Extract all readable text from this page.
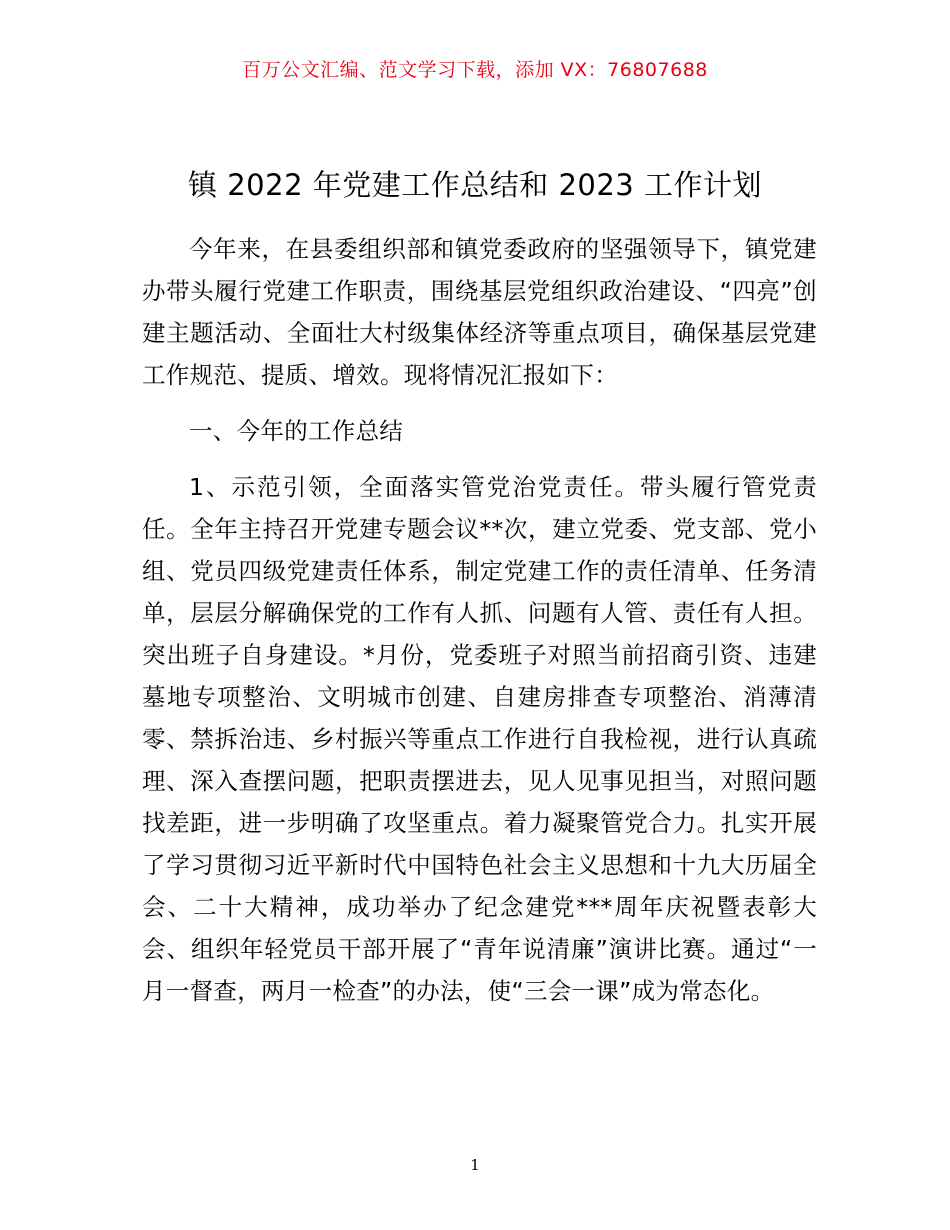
百万公文汇编、范文学习下载，添加 VX：76807688
镇 2022 年党建工作总结和 2023 工作计划

今年来，在县委组织部和镇党委政府的坚强领导下，镇党建办带头履行党建工作职责，围绕基层党组织政治建设、“四亮”创建主题活动、全面壮大村级集体经济等重点项目，确保基层党建工作规范、提质、增效。现将情况汇报如下：

一、今年的工作总结

1、示范引领，全面落实管党治党责任。带头履行管党责任。全年主持召开党建专题会议**次，建立党委、党支部、党小组、党员四级党建责任体系，制定党建工作的责任清单、任务清单，层层分解确保党的工作有人抓、问题有人管、责任有人担。突出班子自身建设。*月份，党委班子对照当前招商引资、违建墓地专项整治、文明城市创建、自建房排查专项整治、消薄清零、禁拆治违、乡村振兴等重点工作进行自我检视，进行认真疏理、深入查摆问题，把职责摆进去，见人见事见担当，对照问题找差距，进一步明确了攻坚重点。着力凝聚管党合力。扎实开展了学习贯彻习近平新时代中国特色社会主义思想和十九大历届全会、二十大精神，成功举办了纪念建党***周年庆祝暨表彰大会、组织年轻党员干部开展了“青年说清廉”演讲比赛。通过“一月一督查，两月一检查”的办法，使“三会一课”成为常态化。

1
